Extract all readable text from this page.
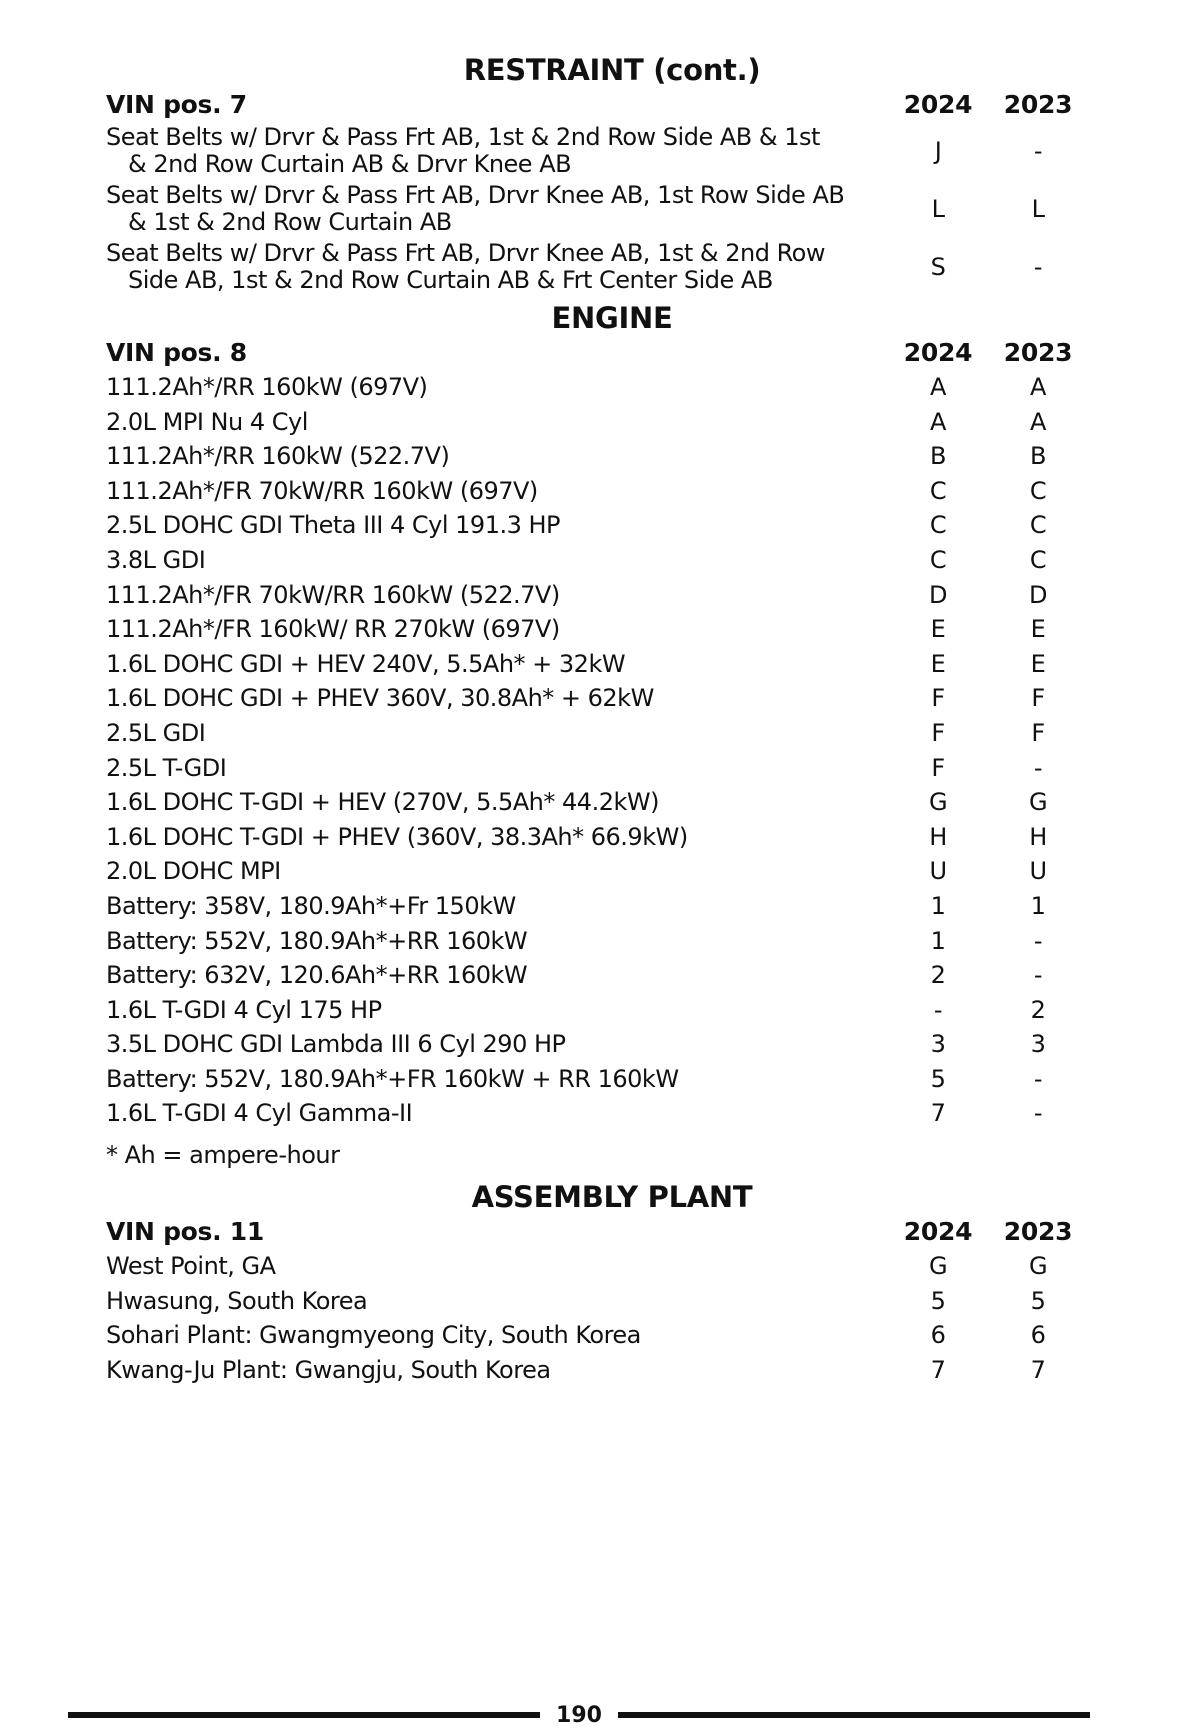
RESTRAINT (cont.)
VIN pos. 7	2024	2023
Seat Belts w/ Drvr & Pass Frt AB, 1st & 2nd Row Side AB & 1st
& 2nd Row Curtain AB & Drvr Knee AB	J	-
Seat Belts w/ Drvr & Pass Frt AB, Drvr Knee AB, 1st Row Side AB
& 1st & 2nd Row Curtain AB	L	L
Seat Belts w/ Drvr & Pass Frt AB, Drvr Knee AB, 1st & 2nd Row
Side AB, 1st & 2nd Row Curtain AB & Frt Center Side AB	S	-
ENGINE
VIN pos. 8	2024	2023
111.2Ah*/RR 160kW (697V)	A	A
2.0L MPI Nu 4 Cyl	A	A
111.2Ah*/RR 160kW (522.7V)	B	B
111.2Ah*/FR 70kW/RR 160kW (697V)	C	C
2.5L DOHC GDI Theta III 4 Cyl 191.3 HP	C	C
3.8L GDI	C	C
111.2Ah*/FR 70kW/RR 160kW (522.7V)	D	D
111.2Ah*/FR 160kW/ RR 270kW (697V)	E	E
1.6L DOHC GDI + HEV 240V, 5.5Ah* + 32kW	E	E
1.6L DOHC GDI + PHEV 360V, 30.8Ah* + 62kW	F	F
2.5L GDI	F	F
2.5L T-GDI	F	-
1.6L DOHC T-GDI + HEV (270V, 5.5Ah* 44.2kW)	G	G
1.6L DOHC T-GDI + PHEV (360V, 38.3Ah* 66.9kW)	H	H
2.0L DOHC MPI	U	U
Battery: 358V, 180.9Ah*+Fr 150kW	1	1
Battery: 552V, 180.9Ah*+RR 160kW	1	-
Battery: 632V, 120.6Ah*+RR 160kW	2	-
1.6L T-GDI 4 Cyl 175 HP	-	2
3.5L DOHC GDI Lambda III 6 Cyl 290 HP	3	3
Battery: 552V, 180.9Ah*+FR 160kW + RR 160kW	5	-
1.6L T-GDI 4 Cyl Gamma-II	7	-
* Ah = ampere-hour
ASSEMBLY PLANT
VIN pos. 11	2024	2023
West Point, GA	G	G
Hwasung, South Korea	5	5
Sohari Plant: Gwangmyeong City, South Korea	6	6
Kwang-Ju Plant: Gwangju, South Korea	7	7
190
